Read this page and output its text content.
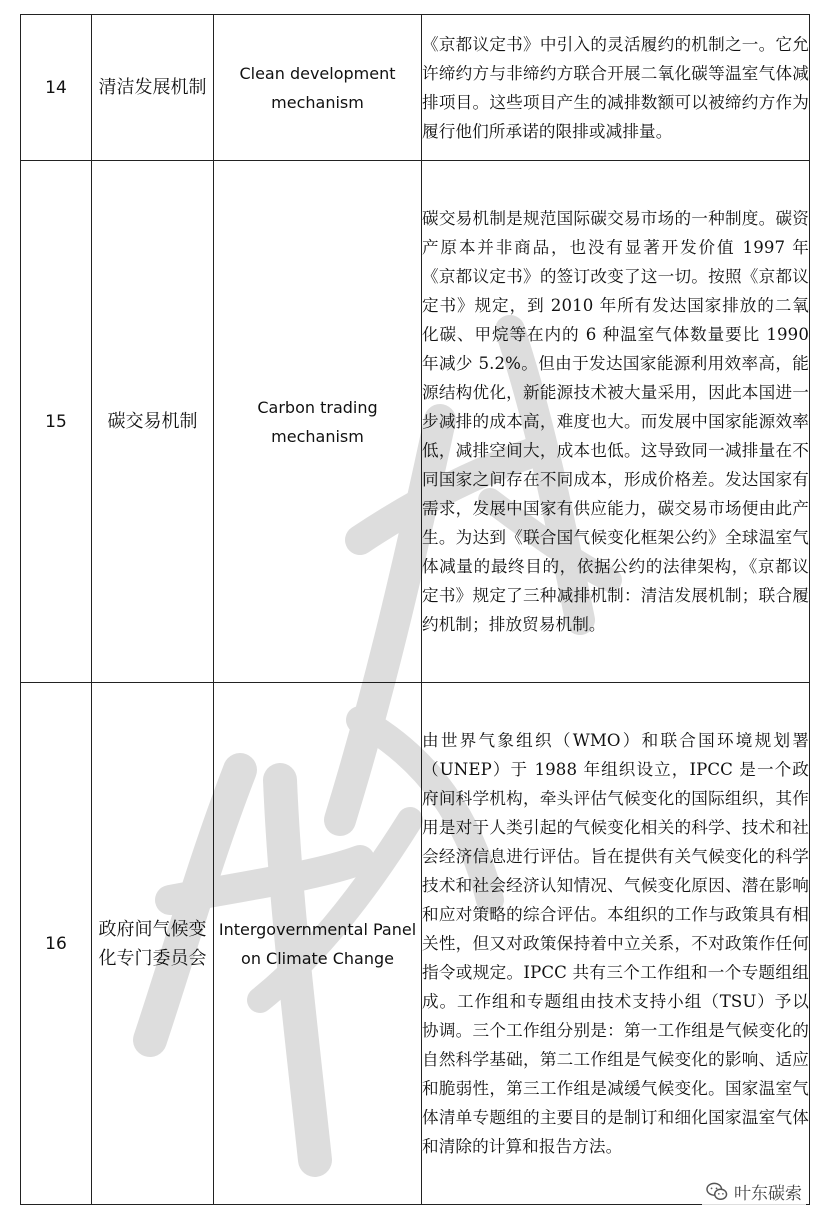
14	清洁发展机制	Clean development mechanism	《京都议定书》中引入的灵活履约的机制之一。它允许缔约方与非缔约方联合开展二氧化碳等温室气体减排项目。这些项目产生的减排数额可以被缔约方作为履行他们所承诺的限排或减排量。
15	碳交易机制	Carbon trading mechanism	碳交易机制是规范国际碳交易市场的一种制度。碳资产原本并非商品，也没有显著开发价值 1997 年《京都议定书》的签订改变了这一切。按照《京都议定书》规定，到 2010 年所有发达国家排放的二氧化碳、甲烷等在内的 6 种温室气体数量要比 1990 年减少 5.2%。但由于发达国家能源利用效率高，能源结构优化，新能源技术被大量采用，因此本国进一步减排的成本高，难度也大。而发展中国家能源效率低，减排空间大，成本也低。这导致同一减排量在不同国家之间存在不同成本，形成价格差。发达国家有需求，发展中国家有供应能力，碳交易市场便由此产生。为达到《联合国气候变化框架公约》全球温室气体减量的最终目的，依据公约的法律架构，《京都议定书》规定了三种减排机制：清洁发展机制；联合履约机制；排放贸易机制。
16	政府间气候变化专门委员会	Intergovernmental Panel on Climate Change	由世界气象组织（WMO）和联合国环境规划署（UNEP）于 1988 年组织设立，IPCC 是一个政府间科学机构，牵头评估气候变化的国际组织，其作用是对于人类引起的气候变化相关的科学、技术和社会经济信息进行评估。旨在提供有关气候变化的科学技术和社会经济认知情况、气候变化原因、潜在影响和应对策略的综合评估。本组织的工作与政策具有相关性，但又对政策保持着中立关系，不对政策作任何指令或规定。IPCC 共有三个工作组和一个专题组组成。工作组和专题组由技术支持小组（TSU）予以协调。三个工作组分别是：第一工作组是气候变化的自然科学基础，第二工作组是气候变化的影响、适应和脆弱性，第三工作组是减缓气候变化。国家温室气体清单专题组的主要目的是制订和细化国家温室气体和清除的计算和报告方法。
叶东碳索
